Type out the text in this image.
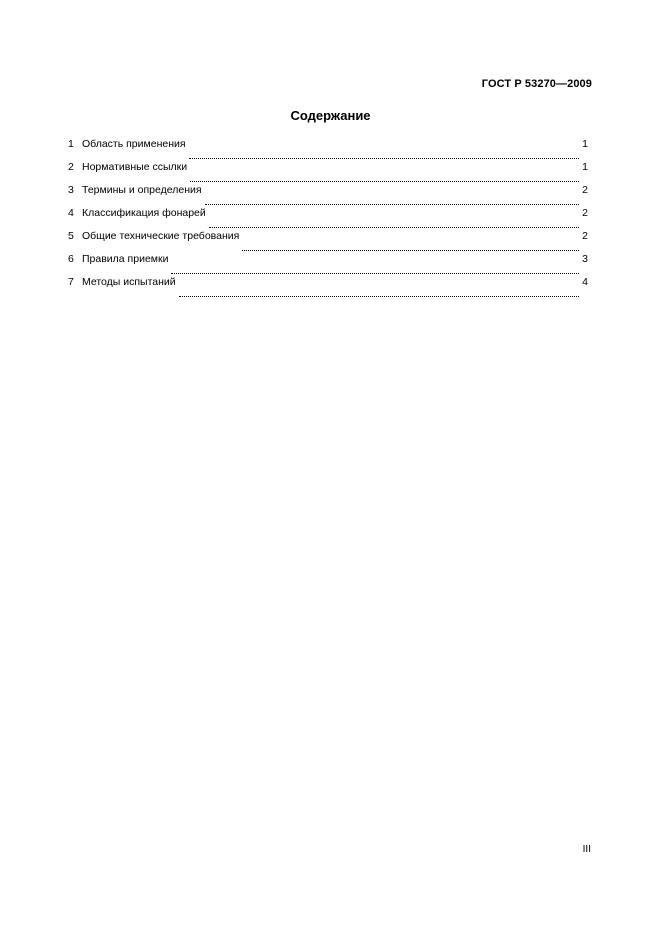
ГОСТ Р 53270—2009
Содержание
1 Область применения	1
2 Нормативные ссылки	1
3 Термины и определения	2
4 Классификация фонарей	2
5 Общие технические требования	2
6 Правила приемки	3
7 Методы испытаний	4
III
